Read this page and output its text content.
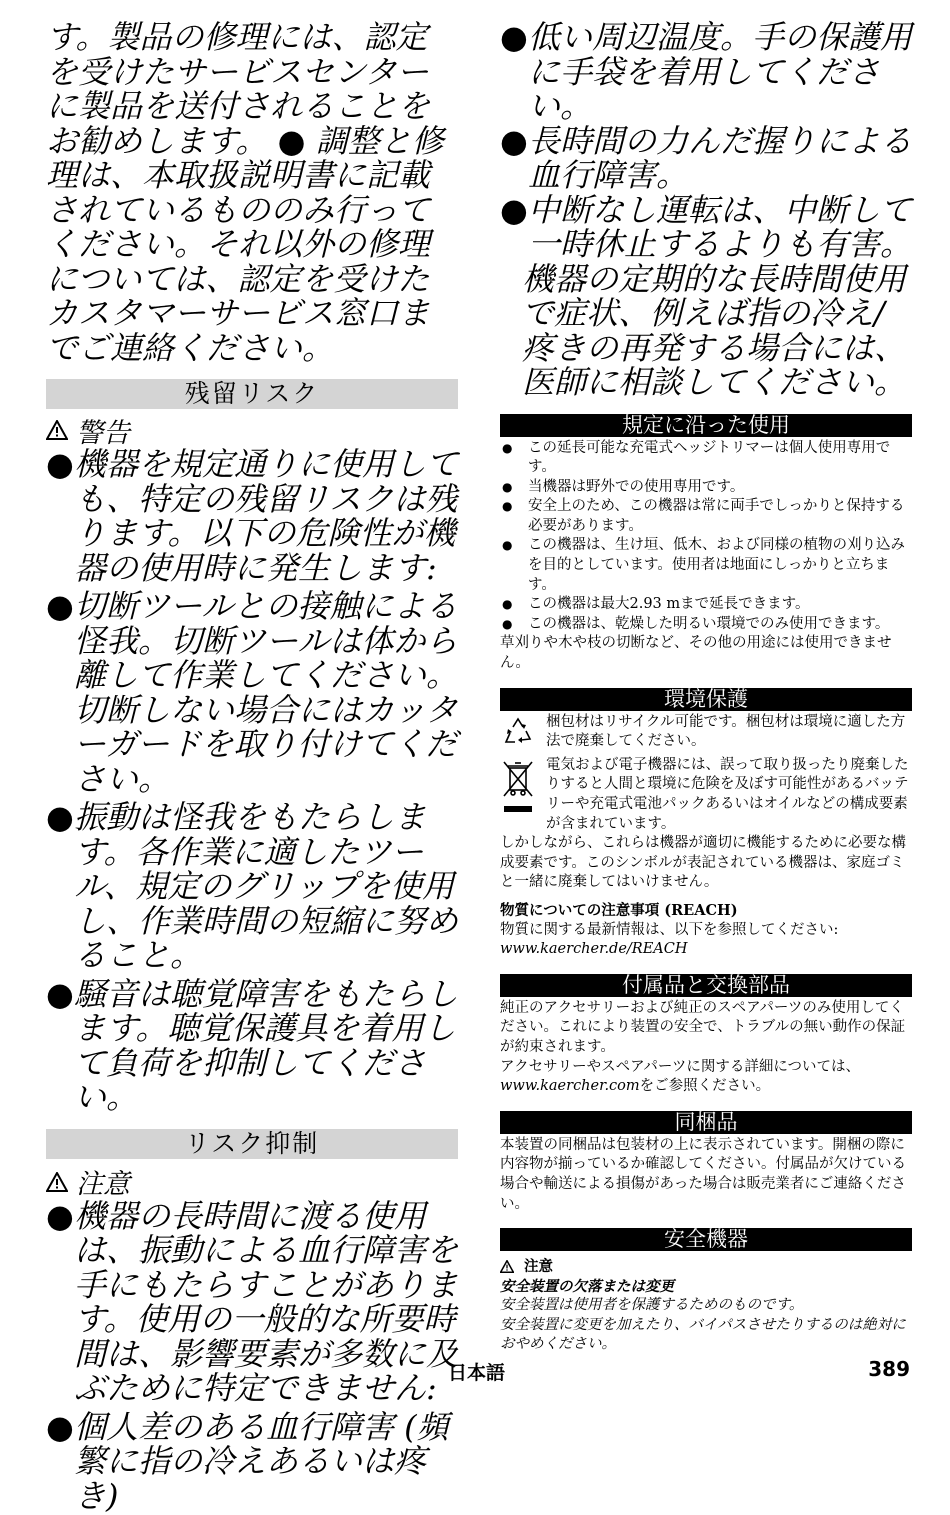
す。製品の修理には、認定を受けたサービスセンターに製品を送付されることをお勧めします。 ● 調整と修理は、本取扱説明書に記載されているもののみ行ってください。それ以外の修理については、認定を受けたカスタマーサービス窓口までご連絡ください。

残留リスク
警告

● 機器を規定通りに使用しても、特定の残留リスクは残ります。以下の危険性が機器の使用時に発生します:

● 切断ツールとの接触による怪我。切断ツールは体から離して作業してください。切断しない場合にはカッターガードを取り付けてください。

● 振動は怪我をもたらします。各作業に適したツール、規定のグリップを使用し、作業時間の短縮に努めること。

● 騒音は聴覚障害をもたらします。聴覚保護具を着用して負荷を抑制してください。

リスク抑制
注意

● 機器の長時間に渡る使用は、振動による血行障害を手にもたらすことがあります。使用の一般的な所要時間は、影響要素が多数に及ぶために特定できません:

● 個人差のある血行障害 (頻繁に指の冷えあるいは疼き)

● 低い周辺温度。手の保護用に手袋を着用してください。

● 長時間の力んだ握りによる血行障害。

● 中断なし運転は、中断して一時休止するよりも有害。

機器の定期的な長時間使用で症状、例えば指の冷え/疼きの再発する場合には、医師に相談してください。

規定に沿った使用

● この延長可能な充電式ヘッジトリマーは個人使用専用です。

● 当機器は野外での使用専用です。

● 安全上のため、この機器は常に両手でしっかりと保持する必要があります。

● この機器は、生け垣、低木、および同様の植物の刈り込みを目的としています。使用者は地面にしっかりと立ちます。

● この機器は最大2.93 mまで延長できます。

● この機器は、乾燥した明るい環境でのみ使用できます。

草刈りや木や枝の切断など、その他の用途には使用できません。

環境保護

梱包材はリサイクル可能です。梱包材は環境に適した方法で廃棄してください。

電気および電子機器には、誤って取り扱ったり廃棄したりすると人間と環境に危険を及ぼす可能性があるバッテリーや充電式電池パックあるいはオイルなどの構成要素が含まれています。

しかしながら、これらは機器が適切に機能するために必要な構成要素です。このシンボルが表記されている機器は、家庭ゴミと一緒に廃棄してはいけません。

物質についての注意事項 (REACH)

物質に関する最新情報は、以下を参照してください:

www.kaercher.de/REACH

付属品と交換部品

純正のアクセサリーおよび純正のスペアパーツのみ使用してください。これにより装置の安全で、トラブルの無い動作の保証が約束されます。

アクセサリーやスペアパーツに関する詳細については、www.kaercher.comをご参照ください。

同梱品

本装置の同梱品は包装材の上に表示されています。開梱の際に内容物が揃っているか確認してください。付属品が欠けている場合や輸送による損傷があった場合は販売業者にご連絡ください。

安全機器

注意

安全装置の欠落または変更

安全装置は使用者を保護するためのものです。

安全装置に変更を加えたり、バイパスさせたりするのは絶対におやめください。

日本語	389
